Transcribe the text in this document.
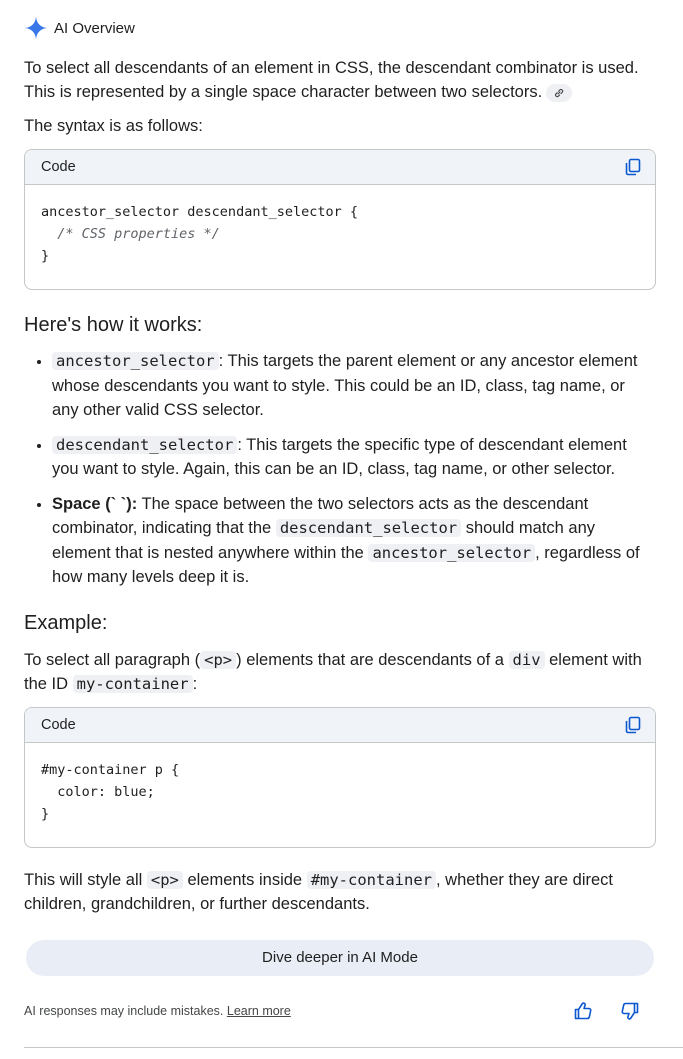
AI Overview

To select all descendants of an element in CSS, the descendant combinator is used. This is represented by a single space character between two selectors.

The syntax is as follows:

Code
ancestor_selector descendant_selector {
/* CSS properties */
}
Here's how it works:
• ancestor_selector : This targets the parent element or any ancestor element whose descendants you want to style. This could be an ID, class, tag name, or any other valid CSS selector.
• descendant_selector : This targets the specific type of descendant element you want to style. Again, this can be an ID, class, tag name, or other selector.
• Space (` `): The space between the two selectors acts as the descendant combinator, indicating that the descendant_selector should match any element that is nested anywhere within the ancestor_selector , regardless of how many levels deep it is.
Example:

To select all paragraph ( <p> ) elements that are descendants of a div element with the ID my-container :

Code
#my-container p {
color: blue;
}

This will style all <p> elements inside #my-container , whether they are direct children, grandchildren, or further descendants.

Dive deeper in AI Mode
AI responses may include mistakes. Learn more
